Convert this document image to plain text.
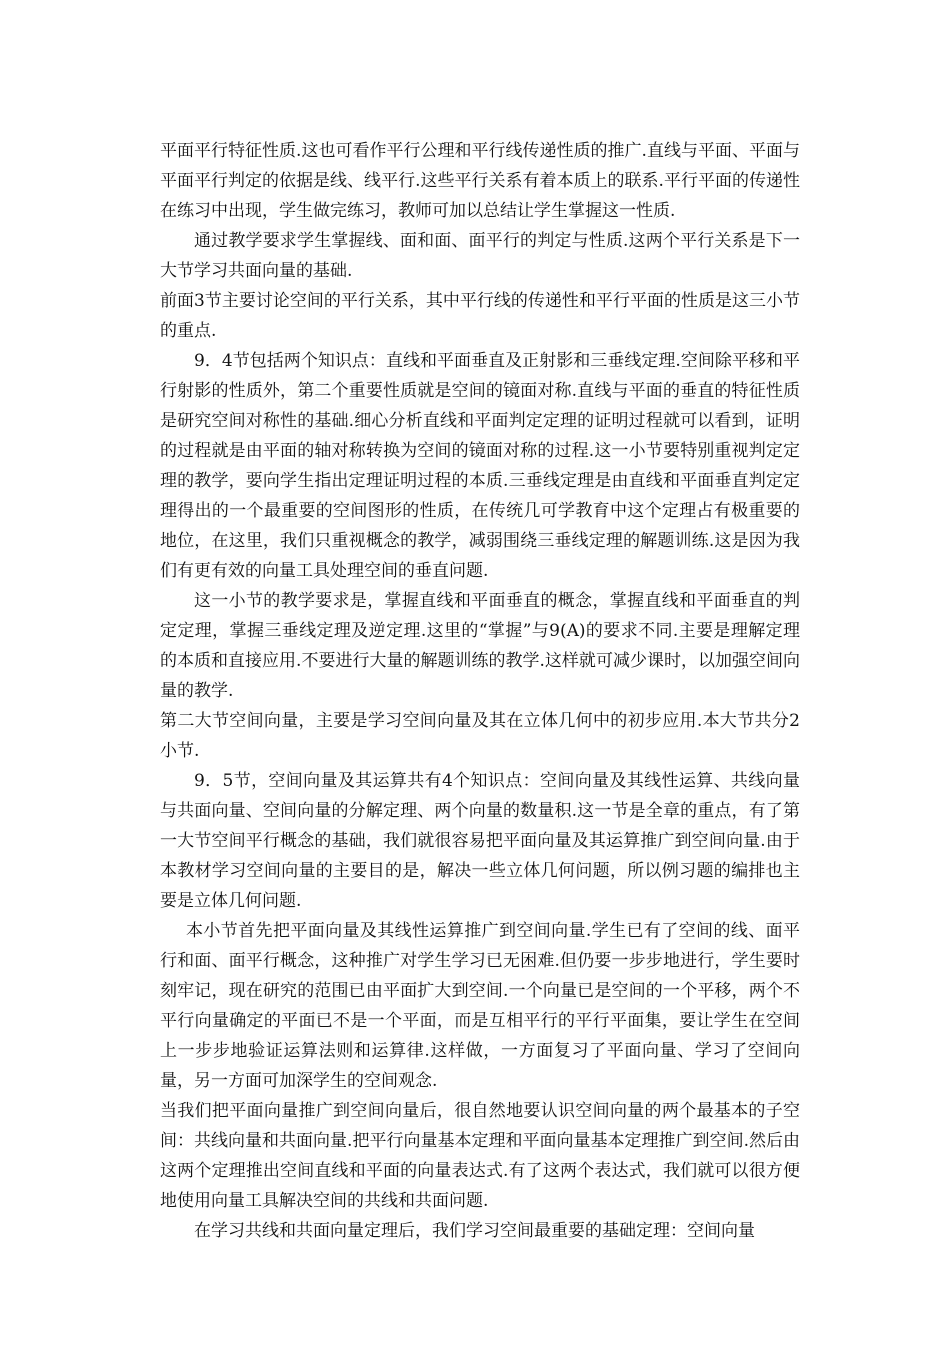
平面平行特征性质.这也可看作平行公理和平行线传递性质的推广.直线与平面、平面与平面平行判定的依据是线、线平行.这些平行关系有着本质上的联系.平行平面的传递性在练习中出现，学生做完练习，教师可加以总结让学生掌握这一性质.

通过教学要求学生掌握线、面和面、面平行的判定与性质.这两个平行关系是下一大节学习共面向量的基础.

前面3节主要讨论空间的平行关系，其中平行线的传递性和平行平面的性质是这三小节的重点.

9．4节包括两个知识点：直线和平面垂直及正射影和三垂线定理.空间除平移和平行射影的性质外，第二个重要性质就是空间的镜面对称.直线与平面的垂直的特征性质是研究空间对称性的基础.细心分析直线和平面判定定理的证明过程就可以看到，证明的过程就是由平面的轴对称转换为空间的镜面对称的过程.这一小节要特别重视判定定理的教学，要向学生指出定理证明过程的本质.三垂线定理是由直线和平面垂直判定定理得出的一个最重要的空间图形的性质，在传统几可学教育中这个定理占有极重要的地位，在这里，我们只重视概念的教学，减弱围绕三垂线定理的解题训练.这是因为我们有更有效的向量工具处理空间的垂直问题.

这一小节的教学要求是，掌握直线和平面垂直的概念，掌握直线和平面垂直的判定定理，掌握三垂线定理及逆定理.这里的“掌握”与9(A)的要求不同.主要是理解定理的本质和直接应用.不要进行大量的解题训练的教学.这样就可减少课时，以加强空间向量的教学.

第二大节空间向量，主要是学习空间向量及其在立体几何中的初步应用.本大节共分2小节.

9．5节，空间向量及其运算共有4个知识点：空间向量及其线性运算、共线向量与共面向量、空间向量的分解定理、两个向量的数量积.这一节是全章的重点，有了第一大节空间平行概念的基础，我们就很容易把平面向量及其运算推广到空间向量.由于本教材学习空间向量的主要目的是，解决一些立体几何问题，所以例习题的编排也主要是立体几何问题.

本小节首先把平面向量及其线性运算推广到空间向量.学生已有了空间的线、面平行和面、面平行概念，这种推广对学生学习已无困难.但仍要一步步地进行，学生要时刻牢记，现在研究的范围已由平面扩大到空间.一个向量已是空间的一个平移，两个不平行向量确定的平面已不是一个平面，而是互相平行的平行平面集，要让学生在空间上一步步地验证运算法则和运算律.这样做，一方面复习了平面向量、学习了空间向量，另一方面可加深学生的空间观念.

当我们把平面向量推广到空间向量后，很自然地要认识空间向量的两个最基本的子空间：共线向量和共面向量.把平行向量基本定理和平面向量基本定理推广到空间.然后由这两个定理推出空间直线和平面的向量表达式.有了这两个表达式，我们就可以很方便地使用向量工具解决空间的共线和共面问题.

在学习共线和共面向量定理后，我们学习空间最重要的基础定理：空间向量
